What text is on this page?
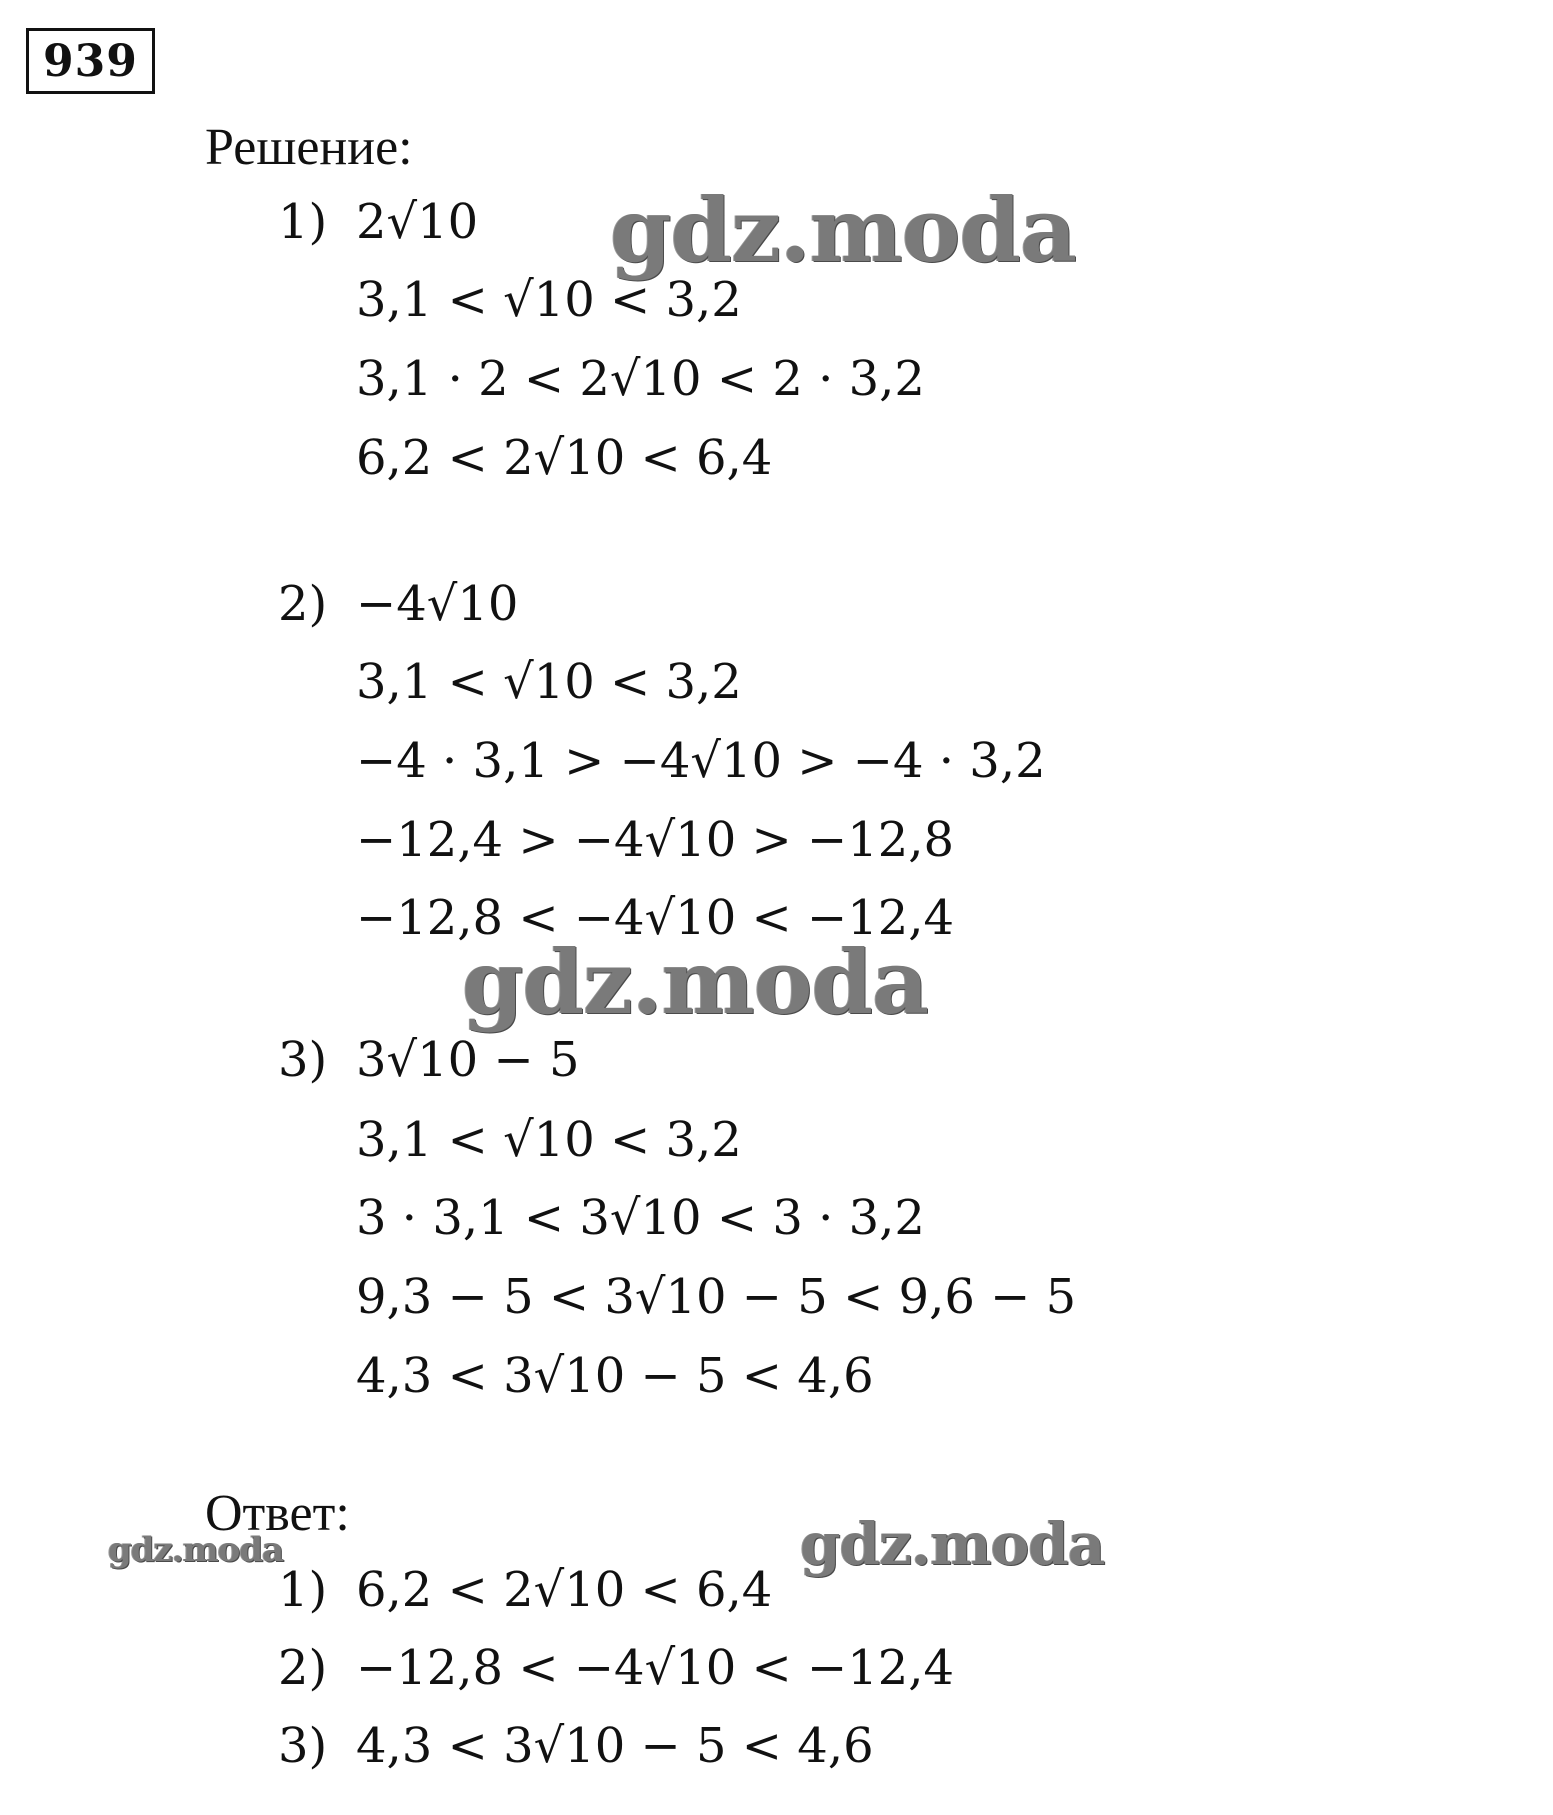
939
Решение:
1) 2√10
3,1 < √10 < 3,2
3,1 · 2 < 2√10 < 2 · 3,2
6,2 < 2√10 < 6,4
2) −4√10
3,1 < √10 < 3,2
−4 · 3,1 > −4√10 > −4 · 3,2
−12,4 > −4√10 > −12,8
−12,8 < −4√10 < −12,4
3) 3√10 − 5
3,1 < √10 < 3,2
3 · 3,1 < 3√10 < 3 · 3,2
9,3 − 5 < 3√10 − 5 < 9,6 − 5
4,3 < 3√10 − 5 < 4,6
Ответ:
1) 6,2 < 2√10 < 6,4
2) −12,8 < −4√10 < −12,4
3) 4,3 < 3√10 − 5 < 4,6
gdz.moda
gdz.moda
gdz.moda
gdz.moda
